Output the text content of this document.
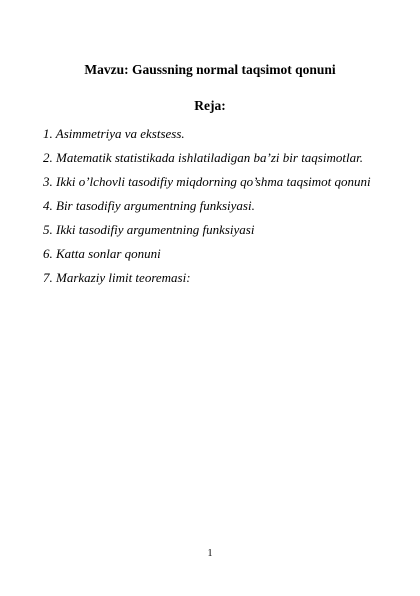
Mavzu: Gaussning normal taqsimot qonuni
Reja:
1. Asimmetriya va ekstsess.
2. Matematik statistikada ishlatiladigan ba’zi bir taqsimotlar.
3. Ikki o’lchovli tasodifiy miqdorning qo’shma taqsimot qonuni
4. Bir tasodifiy argumentning funksiyasi.
5. Ikki tasodifiy argumentning funksiyasi
6. Katta sonlar qonuni
7. Markaziy limit teoremasi:
1
